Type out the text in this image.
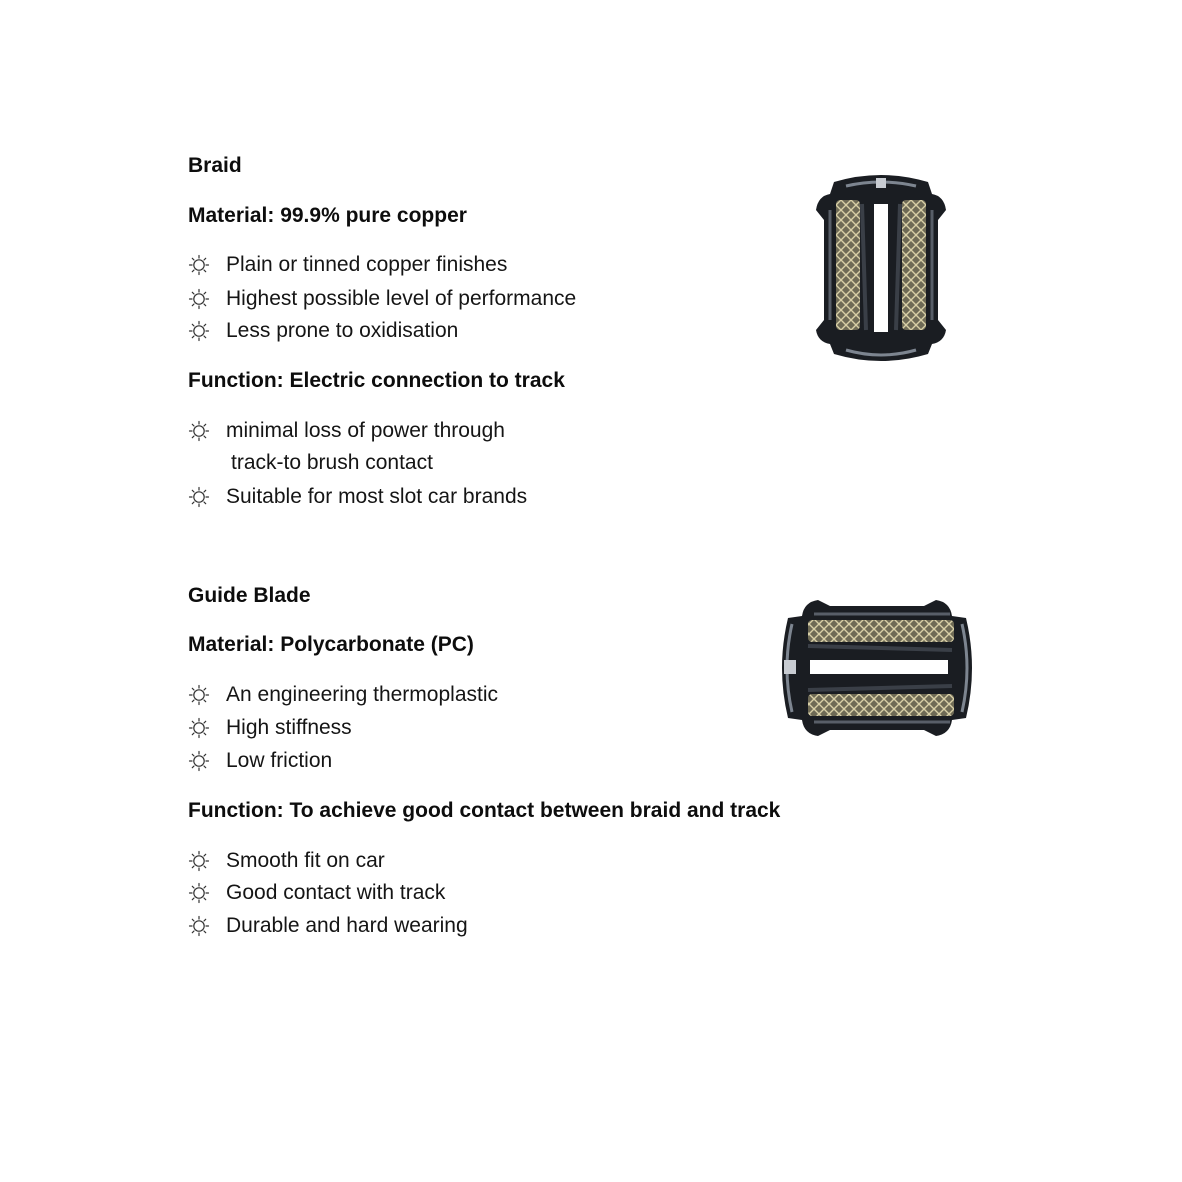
Braid
Material: 99.9% pure copper
Plain or tinned copper finishes
Highest possible level of performance
Less prone to oxidisation
Function: Electric connection to track
minimal loss of power through
track-to brush contact
Suitable for most slot car brands
Guide Blade
Material: Polycarbonate (PC)
An engineering thermoplastic
High stiffness
Low friction
Function: To achieve good contact between braid and track
Smooth fit on car
Good contact with track
Durable and hard wearing
